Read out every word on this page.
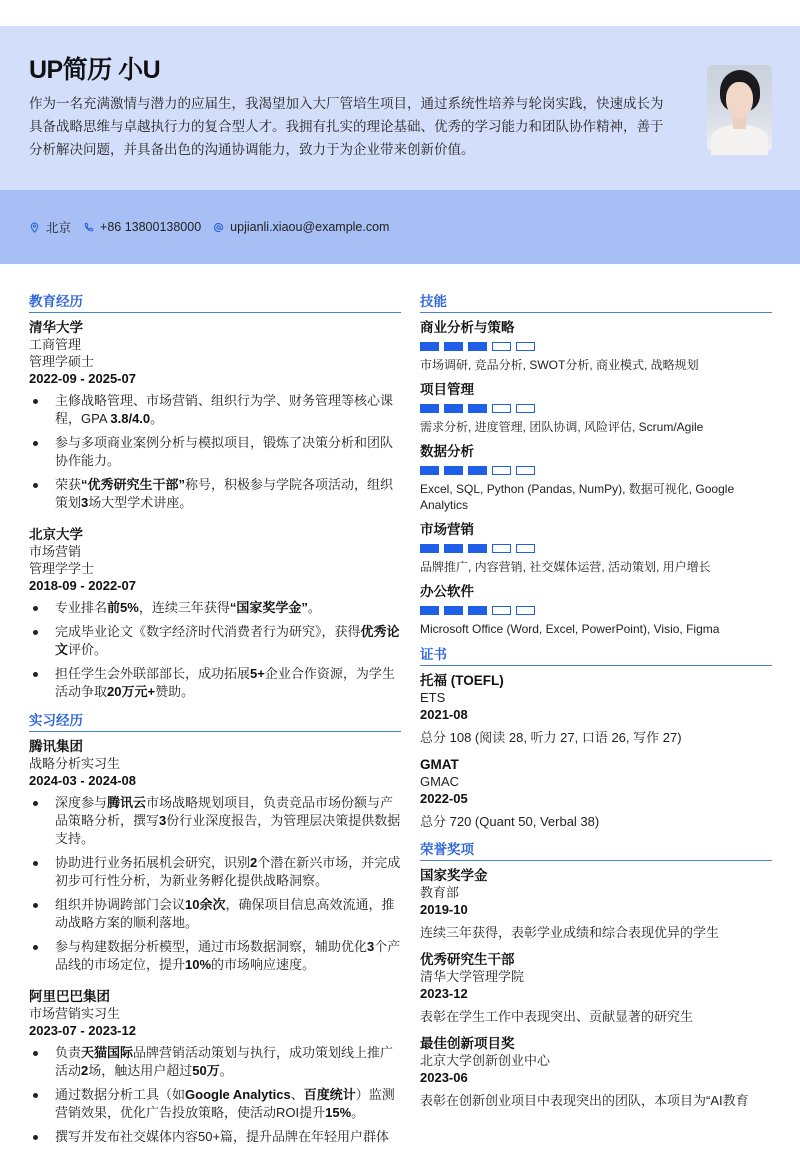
UP简历 小U

作为一名充满激情与潜力的应届生，我渴望加入大厂管培生项目，通过系统性培养与轮岗实践，快速成长为具备战略思维与卓越执行力的复合型人才。我拥有扎实的理论基础、优秀的学习能力和团队协作精神，善于分析解决问题，并具备出色的沟通协调能力，致力于为企业带来创新价值。

北京 +86 13800138000 upjianli.xiaou@example.com
教育经历
清华大学
工商管理
管理学硕士
2022-09 - 2025-07
主修战略管理、市场营销、组织行为学、财务管理等核心课程，GPA 3.8/4.0。
参与多项商业案例分析与模拟项目，锻炼了决策分析和团队协作能力。
荣获“优秀研究生干部”称号，积极参与学院各项活动，组织策划3场大型学术讲座。
北京大学
市场营销
管理学学士
2018-09 - 2022-07
专业排名前5%，连续三年获得“国家奖学金”。
完成毕业论文《数字经济时代消费者行为研究》，获得优秀论文评价。
担任学生会外联部部长，成功拓展5+企业合作资源，为学生活动争取20万元+赞助。
实习经历
腾讯集团
战略分析实习生
2024-03 - 2024-08
深度参与腾讯云市场战略规划项目，负责竞品市场份额与产品策略分析，撰写3份行业深度报告，为管理层决策提供数据支持。
协助进行业务拓展机会研究，识别2个潜在新兴市场，并完成初步可行性分析，为新业务孵化提供战略洞察。
组织并协调跨部门会议10余次，确保项目信息高效流通，推动战略方案的顺利落地。
参与构建数据分析模型，通过市场数据洞察，辅助优化3个产品线的市场定位，提升10%的市场响应速度。
阿里巴巴集团
市场营销实习生
2023-07 - 2023-12
负责天猫国际品牌营销活动策划与执行，成功策划线上推广活动2场，触达用户超过50万。
通过数据分析工具（如Google Analytics、百度统计）监测营销效果，优化广告投放策略，使活动ROI提升15%。
撰写并发布社交媒体内容50+篇，提升品牌在年轻用户群体
技能
商业分析与策略
市场调研, 竞品分析, SWOT分析, 商业模式, 战略规划
项目管理
需求分析, 进度管理, 团队协调, 风险评估, Scrum/Agile
数据分析
Excel, SQL, Python (Pandas, NumPy), 数据可视化, Google Analytics
市场营销
品牌推广, 内容营销, 社交媒体运营, 活动策划, 用户增长
办公软件
Microsoft Office (Word, Excel, PowerPoint), Visio, Figma
证书
托福 (TOEFL)
ETS
2021-08
总分 108 (阅读 28, 听力 27, 口语 26, 写作 27)
GMAT
GMAC
2022-05
总分 720 (Quant 50, Verbal 38)
荣誉奖项
国家奖学金
教育部
2019-10
连续三年获得，表彰学业成绩和综合表现优异的学生
优秀研究生干部
清华大学管理学院
2023-12
表彰在学生工作中表现突出、贡献显著的研究生
最佳创新项目奖
北京大学创新创业中心
2023-06
表彰在创新创业项目中表现突出的团队，本项目为“AI教育
